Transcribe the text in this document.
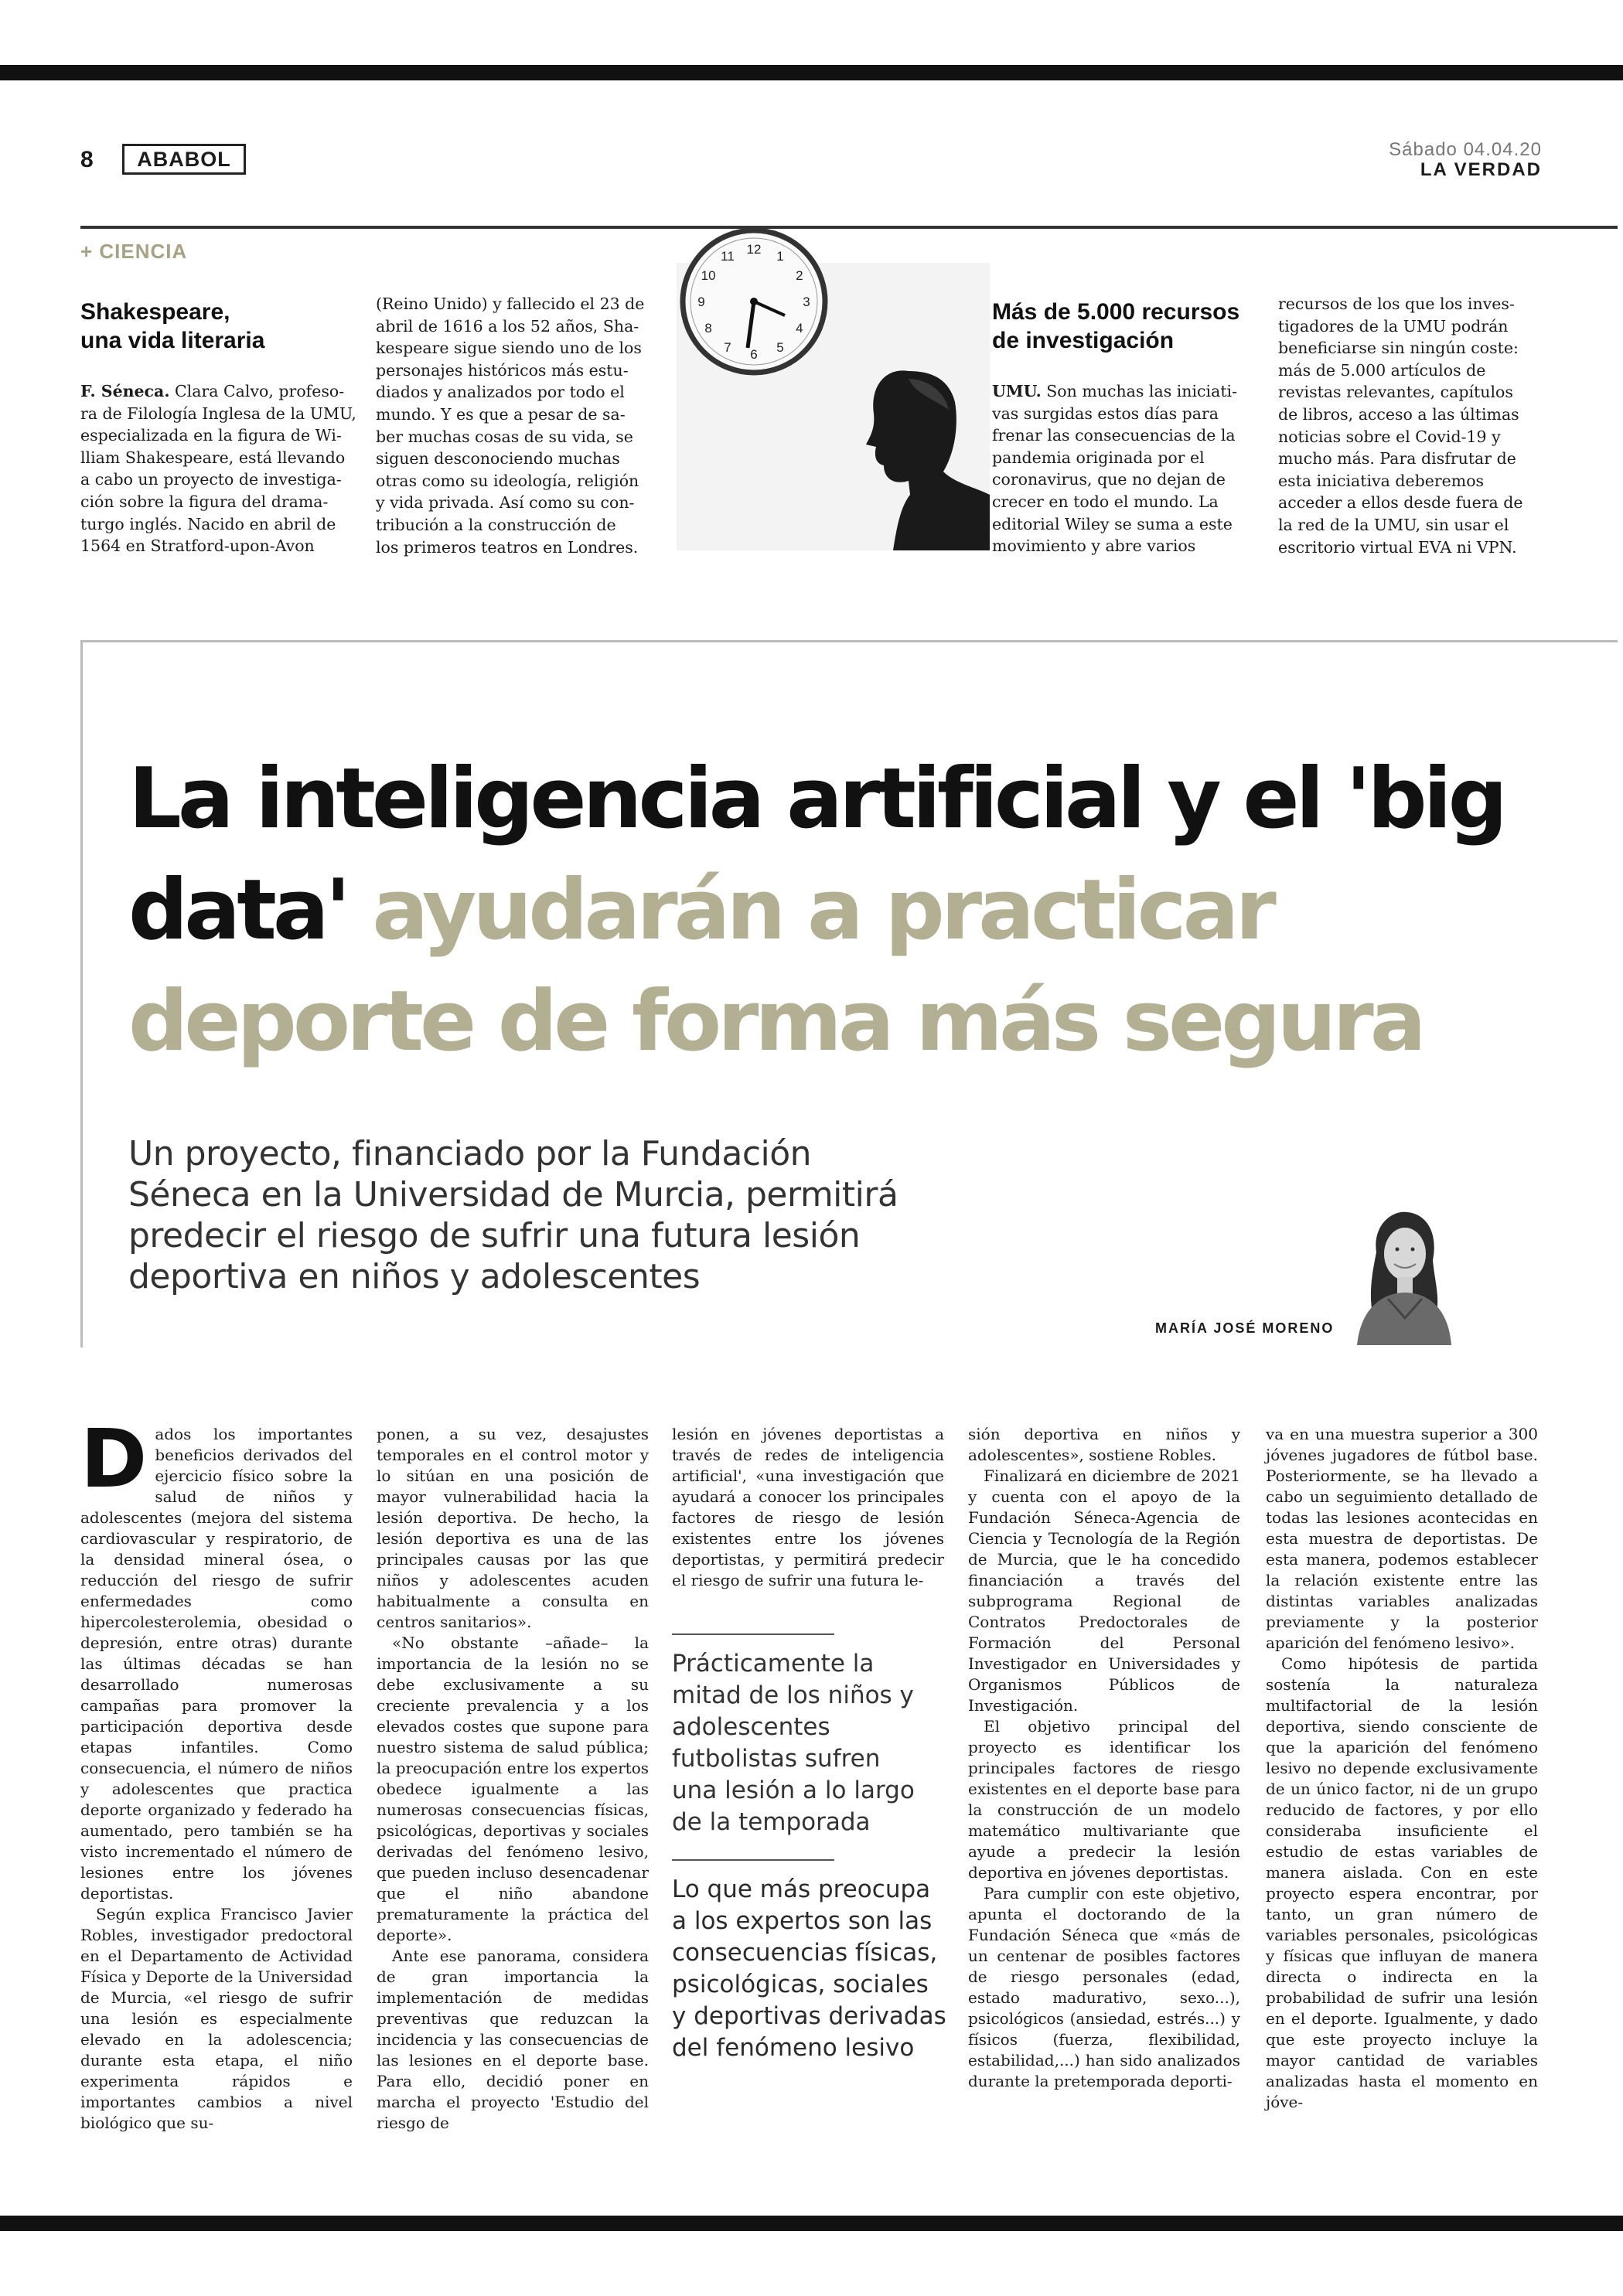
8	ABABOL	Sábado 04.04.20
LA VERDAD
+ CIENCIA
Shakespeare,
una vida literaria
F. Séneca. Clara Calvo, profeso-
ra de Filología Inglesa de la UMU,
especializada en la figura de Wi-
lliam Shakespeare, está llevando
a cabo un proyecto de investiga-
ción sobre la figura del drama-
turgo inglés. Nacido en abril de
1564 en Stratford-upon-Avon
(Reino Unido) y fallecido el 23 de
abril de 1616 a los 52 años, Sha-
kespeare sigue siendo uno de los
personajes históricos más estu-
diados y analizados por todo el
mundo. Y es que a pesar de sa-
ber muchas cosas de su vida, se
siguen desconociendo muchas
otras como su ideología, religión
y vida privada. Así como su con-
tribución a la construcción de
los primeros teatros en Londres.
12 1
2
3
4
5
6
7
8
9
10
11
Más de 5.000 recursos
de investigación
UMU. Son muchas las iniciati-
vas surgidas estos días para
frenar las consecuencias de la
pandemia originada por el
coronavirus, que no dejan de
crecer en todo el mundo. La
editorial Wiley se suma a este
movimiento y abre varios
recursos de los que los inves-
tigadores de la UMU podrán
beneficiarse sin ningún coste:
más de 5.000 artículos de
revistas relevantes, capítulos
de libros, acceso a las últimas
noticias sobre el Covid-19 y
mucho más. Para disfrutar de
esta iniciativa deberemos
acceder a ellos desde fuera de
la red de la UMU, sin usar el
escritorio virtual EVA ni VPN.
La inteligencia artificial y el 'big data' ayudarán a practicar deporte de forma más segura
Un proyecto, financiado por la Fundación Séneca en la Universidad de Murcia, permitirá predecir el riesgo de sufrir una futura lesión deportiva en niños y adolescentes
MARÍA JOSÉ MORENO

Dados los importantes beneficios derivados del ejercicio físico sobre la salud de niños y adolescentes (mejora del sistema cardiovascular y respiratorio, de la densidad mineral ósea, o reducción del riesgo de sufrir enfermedades como hipercolesterolemia, obesidad o depresión, entre otras) durante las últimas décadas se han desarrollado numerosas campañas para promover la participación deportiva desde etapas infantiles. Como consecuencia, el número de niños y adolescentes que practica deporte organizado y federado ha aumentado, pero también se ha visto incrementado el número de lesiones entre los jóvenes deportistas.

Según explica Francisco Javier Robles, investigador predoctoral en el Departamento de Actividad Física y Deporte de la Universidad de Murcia, «el riesgo de sufrir una lesión es especialmente elevado en la adolescencia; durante esta etapa, el niño experimenta rápidos e importantes cambios a nivel biológico que su-

ponen, a su vez, desajustes temporales en el control motor y lo sitúan en una posición de mayor vulnerabilidad hacia la lesión deportiva. De hecho, la lesión deportiva es una de las principales causas por las que niños y adolescentes acuden habitualmente a consulta en centros sanitarios».

«No obstante –añade– la importancia de la lesión no se debe exclusivamente a su creciente prevalencia y a los elevados costes que supone para nuestro sistema de salud pública; la preocupación entre los expertos obedece igualmente a las numerosas consecuencias físicas, psicológicas, deportivas y sociales derivadas del fenómeno lesivo, que pueden incluso desencadenar que el niño abandone prematuramente la práctica del deporte».

Ante ese panorama, considera de gran importancia la implementación de medidas preventivas que reduzcan la incidencia y las consecuencias de las lesiones en el deporte base. Para ello, decidió poner en marcha el proyecto 'Estudio del riesgo de

lesión en jóvenes deportistas a través de redes de inteligencia artificial', «una investigación que ayudará a conocer los principales factores de riesgo de lesión existentes entre los jóvenes deportistas, y permitirá predecir el riesgo de sufrir una futura le-

Prácticamente la mitad de los niños y adolescentes futbolistas sufren una lesión a lo largo de la temporada
Lo que más preocupa a los expertos son las consecuencias físicas, psicológicas, sociales y deportivas derivadas del fenómeno lesivo

sión deportiva en niños y adolescentes», sostiene Robles.

Finalizará en diciembre de 2021 y cuenta con el apoyo de la Fundación Séneca-Agencia de Ciencia y Tecnología de la Región de Murcia, que le ha concedido financiación a través del subprograma Regional de Contratos Predoctorales de Formación del Personal Investigador en Universidades y Organismos Públicos de Investigación.

El objetivo principal del proyecto es identificar los principales factores de riesgo existentes en el deporte base para la construcción de un modelo matemático multivariante que ayude a predecir la lesión deportiva en jóvenes deportistas.

Para cumplir con este objetivo, apunta el doctorando de la Fundación Séneca que «más de un centenar de posibles factores de riesgo personales (edad, estado madurativo, sexo...), psicológicos (ansiedad, estrés...) y físicos (fuerza, flexibilidad, estabilidad,...) han sido analizados durante la pretemporada deporti-

va en una muestra superior a 300 jóvenes jugadores de fútbol base. Posteriormente, se ha llevado a cabo un seguimiento detallado de todas las lesiones acontecidas en esta muestra de deportistas. De esta manera, podemos establecer la relación existente entre las distintas variables analizadas previamente y la posterior aparición del fenómeno lesivo».

Como hipótesis de partida sostenía la naturaleza multifactorial de la lesión deportiva, siendo consciente de que la aparición del fenómeno lesivo no depende exclusivamente de un único factor, ni de un grupo reducido de factores, y por ello consideraba insuficiente el estudio de estas variables de manera aislada. Con en este proyecto espera encontrar, por tanto, un gran número de variables personales, psicológicas y físicas que influyan de manera directa o indirecta en la probabilidad de sufrir una lesión en el deporte. Igualmente, y dado que este proyecto incluye la mayor cantidad de variables analizadas hasta el momento en jóve-
